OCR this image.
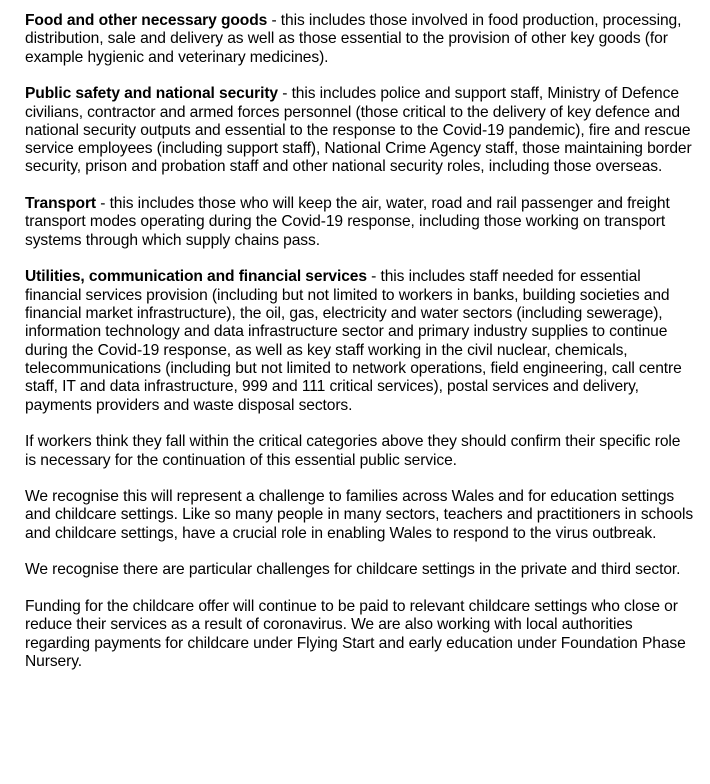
Food and other necessary goods - this includes those involved in food production, processing, distribution, sale and delivery as well as those essential to the provision of other key goods (for example hygienic and veterinary medicines).

Public safety and national security - this includes police and support staff, Ministry of Defence civilians, contractor and armed forces personnel (those critical to the delivery of key defence and national security outputs and essential to the response to the Covid-19 pandemic), fire and rescue service employees (including support staff), National Crime Agency staff, those maintaining border security, prison and probation staff and other national security roles, including those overseas.

Transport - this includes those who will keep the air, water, road and rail passenger and freight transport modes operating during the Covid-19 response, including those working on transport systems through which supply chains pass.

Utilities, communication and financial services - this includes staff needed for essential financial services provision (including but not limited to workers in banks, building societies and financial market infrastructure), the oil, gas, electricity and water sectors (including sewerage), information technology and data infrastructure sector and primary industry supplies to continue during the Covid-19 response, as well as key staff working in the civil nuclear, chemicals, telecommunications (including but not limited to network operations, field engineering, call centre staff, IT and data infrastructure, 999 and 111 critical services), postal services and delivery, payments providers and waste disposal sectors.

If workers think they fall within the critical categories above they should confirm their specific role is necessary for the continuation of this essential public service.

We recognise this will represent a challenge to families across Wales and for education settings and childcare settings. Like so many people in many sectors, teachers and practitioners in schools and childcare settings, have a crucial role in enabling Wales to respond to the virus outbreak.

We recognise there are particular challenges for childcare settings in the private and third sector.

Funding for the childcare offer will continue to be paid to relevant childcare settings who close or reduce their services as a result of coronavirus. We are also working with local authorities regarding payments for childcare under Flying Start and early education under Foundation Phase Nursery.
